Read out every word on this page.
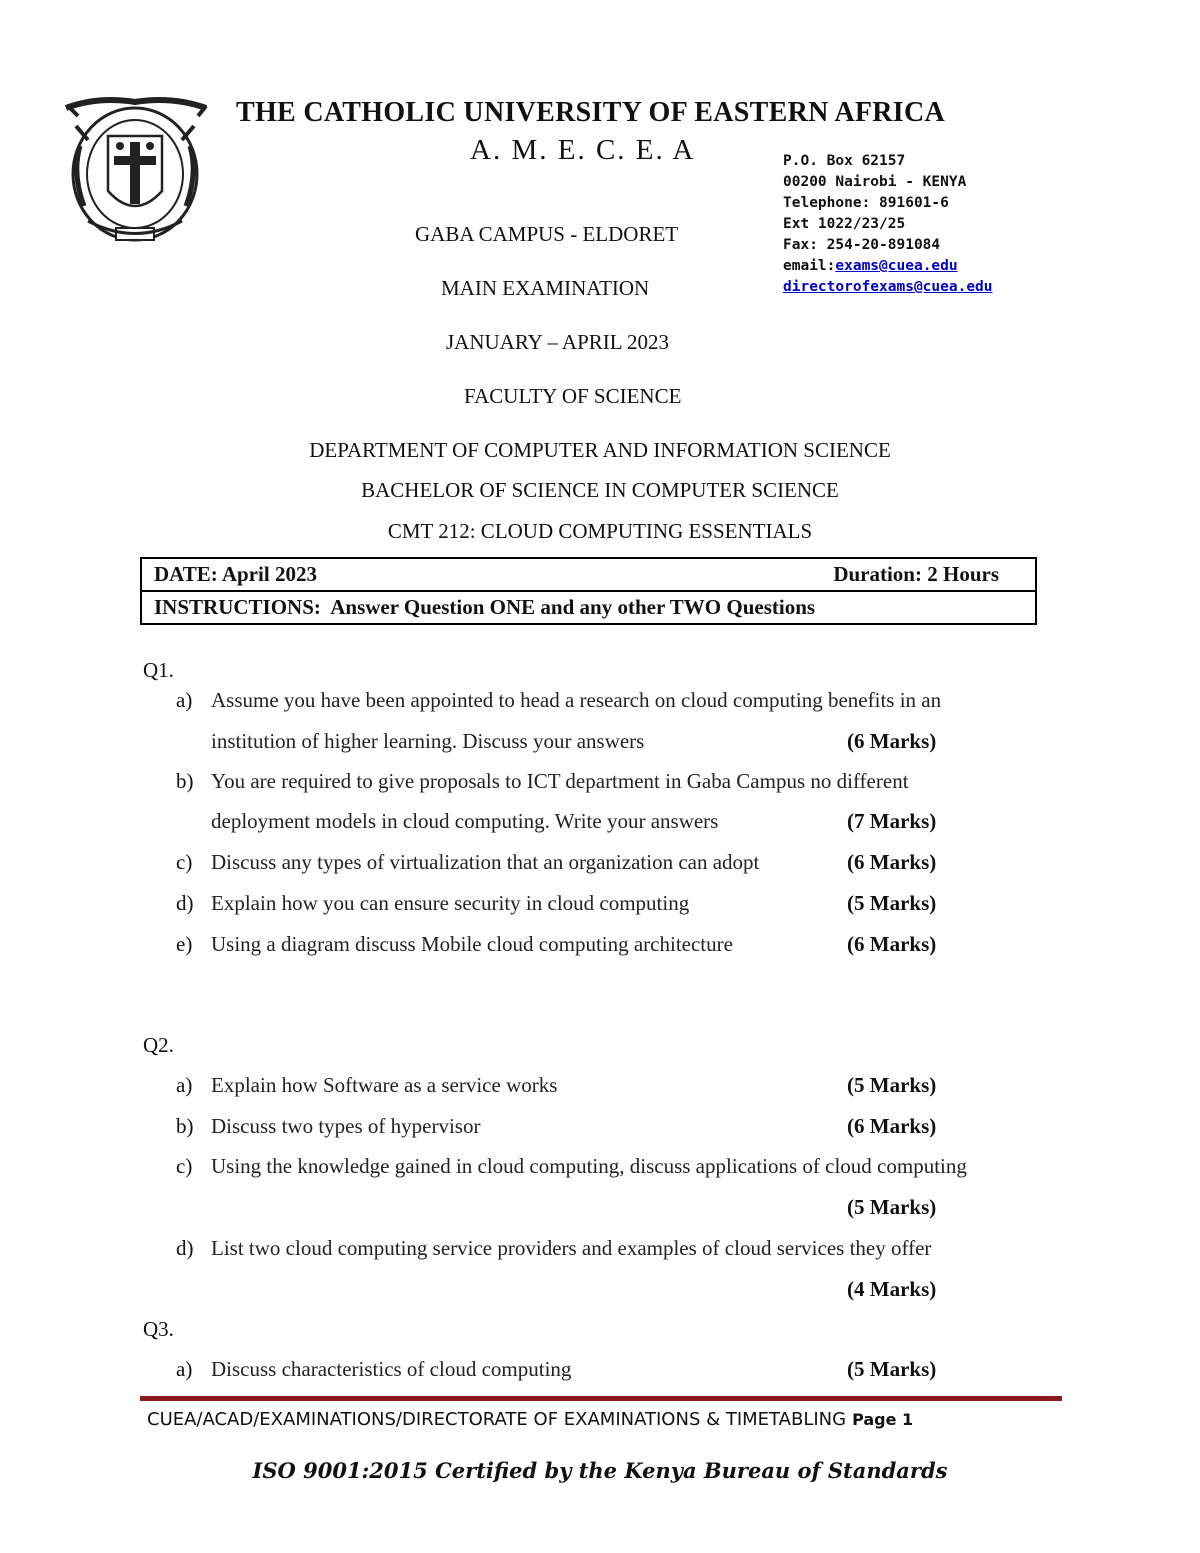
THE CATHOLIC UNIVERSITY OF EASTERN AFRICA
A. M. E. C. E. A	P.O. Box 62157
00200 Nairobi - KENYA
Telephone: 891601-6
Ext 1022/23/25
Fax: 254-20-891084
email:exams@cuea.edu
directorofexams@cuea.edu
GABA CAMPUS - ELDORET
MAIN EXAMINATION
JANUARY – APRIL 2023
FACULTY OF SCIENCE
DEPARTMENT OF COMPUTER AND INFORMATION SCIENCE
BACHELOR OF SCIENCE IN COMPUTER SCIENCE
CMT 212: CLOUD COMPUTING ESSENTIALS
DATE: April 2023	Duration: 2 Hours

INSTRUCTIONS: Answer Question ONE and any other TWO Questions
Q1.
a) Assume you have been appointed to head a research on cloud computing benefits in an
institution of higher learning. Discuss your answers	(6 Marks)
b) You are required to give proposals to ICT department in Gaba Campus no different
deployment models in cloud computing. Write your answers	(7 Marks)
c) Discuss any types of virtualization that an organization can adopt	(6 Marks)
d) Explain how you can ensure security in cloud computing	(5 Marks)
e) Using a diagram discuss Mobile cloud computing architecture	(6 Marks)
Q2.
a) Explain how Software as a service works	(5 Marks)
b) Discuss two types of hypervisor	(6 Marks)
c) Using the knowledge gained in cloud computing, discuss applications of cloud computing
(5 Marks)
d) List two cloud computing service providers and examples of cloud services they offer
(4 Marks)
Q3.
a) Discuss characteristics of cloud computing	(5 Marks)
CUEA/ACAD/EXAMINATIONS/DIRECTORATE OF EXAMINATIONS & TIMETABLING Page 1
ISO 9001:2015 Certified by the Kenya Bureau of Standards
